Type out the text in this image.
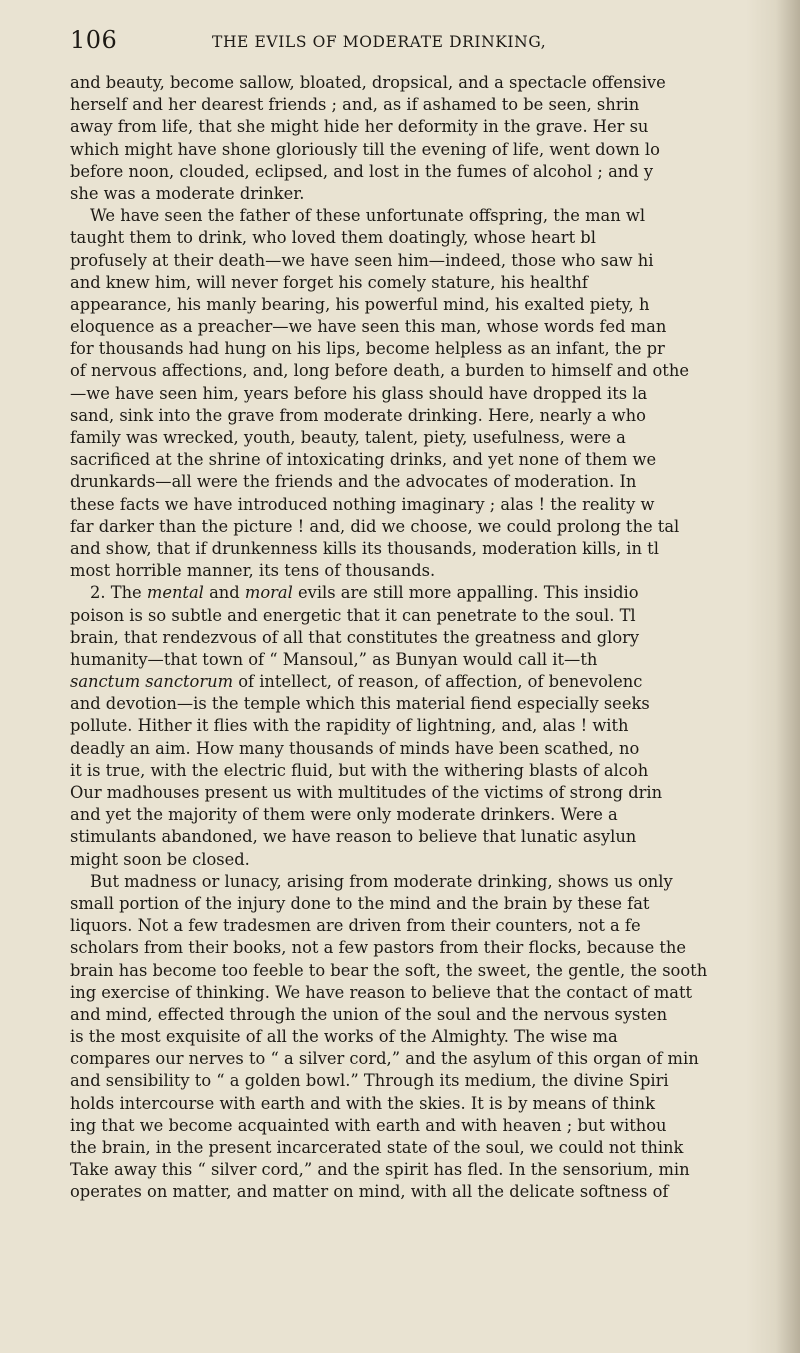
106	THE EVILS OF MODERATE DRINKING,
and beauty, become sallow, bloated, dropsical, and a spectacle offensive
herself and her dearest friends ; and, as if ashamed to be seen, shrin
away from life, that she might hide her deformity in the grave. Her su
which might have shone gloriously till the evening of life, went down lo
before noon, clouded, eclipsed, and lost in the fumes of alcohol ; and y
she was a moderate drinker.
We have seen the father of these unfortunate offspring, the man wl
taught them to drink, who loved them doatingly, whose heart bl
profusely at their death—we have seen him—indeed, those who saw hi
and knew him, will never forget his comely stature, his healthf
appearance, his manly bearing, his powerful mind, his exalted piety, h
eloquence as a preacher—we have seen this man, whose words fed man
for thousands had hung on his lips, become helpless as an infant, the pr
of nervous affections, and, long before death, a burden to himself and othe
—we have seen him, years before his glass should have dropped its la
sand, sink into the grave from moderate drinking. Here, nearly a who
family was wrecked, youth, beauty, talent, piety, usefulness, were a
sacrificed at the shrine of intoxicating drinks, and yet none of them we
drunkards—all were the friends and the advocates of moderation. In
these facts we have introduced nothing imaginary ; alas ! the reality w
far darker than the picture ! and, did we choose, we could prolong the tal
and show, that if drunkenness kills its thousands, moderation kills, in tl
most horrible manner, its tens of thousands.
2. The mental and moral evils are still more appalling. This insidio
poison is so subtle and energetic that it can penetrate to the soul. Tl
brain, that rendezvous of all that constitutes the greatness and glory
humanity—that town of “ Mansoul,” as Bunyan would call it—th
sanctum sanctorum of intellect, of reason, of affection, of benevolenc
and devotion—is the temple which this material fiend especially seeks
pollute. Hither it flies with the rapidity of lightning, and, alas ! with
deadly an aim. How many thousands of minds have been scathed, no
it is true, with the electric fluid, but with the withering blasts of alcoh
Our madhouses present us with multitudes of the victims of strong drin
and yet the majority of them were only moderate drinkers. Were a
stimulants abandoned, we have reason to believe that lunatic asylun
might soon be closed.
But madness or lunacy, arising from moderate drinking, shows us only
small portion of the injury done to the mind and the brain by these fat
liquors. Not a few tradesmen are driven from their counters, not a fe
scholars from their books, not a few pastors from their flocks, because the
brain has become too feeble to bear the soft, the sweet, the gentle, the sooth
ing exercise of thinking. We have reason to believe that the contact of matt
and mind, effected through the union of the soul and the nervous systen
is the most exquisite of all the works of the Almighty. The wise ma
compares our nerves to “ a silver cord,” and the asylum of this organ of min
and sensibility to “ a golden bowl.” Through its medium, the divine Spiri
holds intercourse with earth and with the skies. It is by means of think
ing that we become acquainted with earth and with heaven ; but withou
the brain, in the present incarcerated state of the soul, we could not think
Take away this “ silver cord,” and the spirit has fled. In the sensorium, min
operates on matter, and matter on mind, with all the delicate softness of
